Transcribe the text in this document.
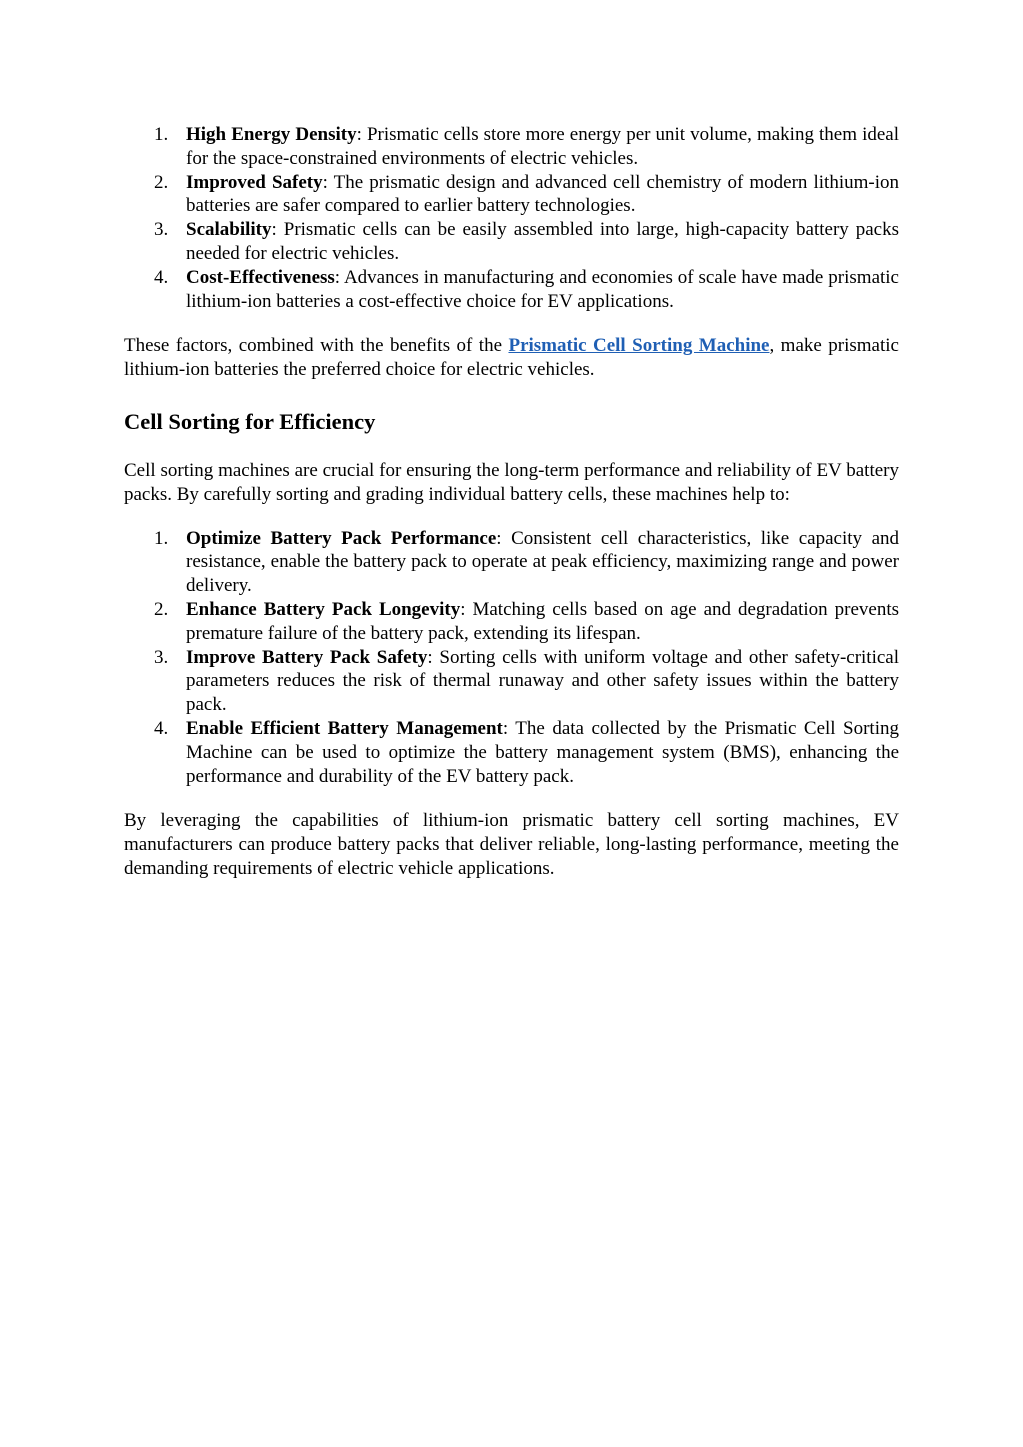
1. High Energy Density: Prismatic cells store more energy per unit volume, making them ideal for the space-constrained environments of electric vehicles.
2. Improved Safety: The prismatic design and advanced cell chemistry of modern lithium-ion batteries are safer compared to earlier battery technologies.
3. Scalability: Prismatic cells can be easily assembled into large, high-capacity battery packs needed for electric vehicles.
4. Cost-Effectiveness: Advances in manufacturing and economies of scale have made prismatic lithium-ion batteries a cost-effective choice for EV applications.

These factors, combined with the benefits of the Prismatic Cell Sorting Machine, make prismatic lithium-ion batteries the preferred choice for electric vehicles.

Cell Sorting for Efficiency

Cell sorting machines are crucial for ensuring the long-term performance and reliability of EV battery packs. By carefully sorting and grading individual battery cells, these machines help to:

1. Optimize Battery Pack Performance: Consistent cell characteristics, like capacity and resistance, enable the battery pack to operate at peak efficiency, maximizing range and power delivery.
2. Enhance Battery Pack Longevity: Matching cells based on age and degradation prevents premature failure of the battery pack, extending its lifespan.
3. Improve Battery Pack Safety: Sorting cells with uniform voltage and other safety-critical parameters reduces the risk of thermal runaway and other safety issues within the battery pack.
4. Enable Efficient Battery Management: The data collected by the Prismatic Cell Sorting Machine can be used to optimize the battery management system (BMS), enhancing the performance and durability of the EV battery pack.

By leveraging the capabilities of lithium-ion prismatic battery cell sorting machines, EV manufacturers can produce battery packs that deliver reliable, long-lasting performance, meeting the demanding requirements of electric vehicle applications.
